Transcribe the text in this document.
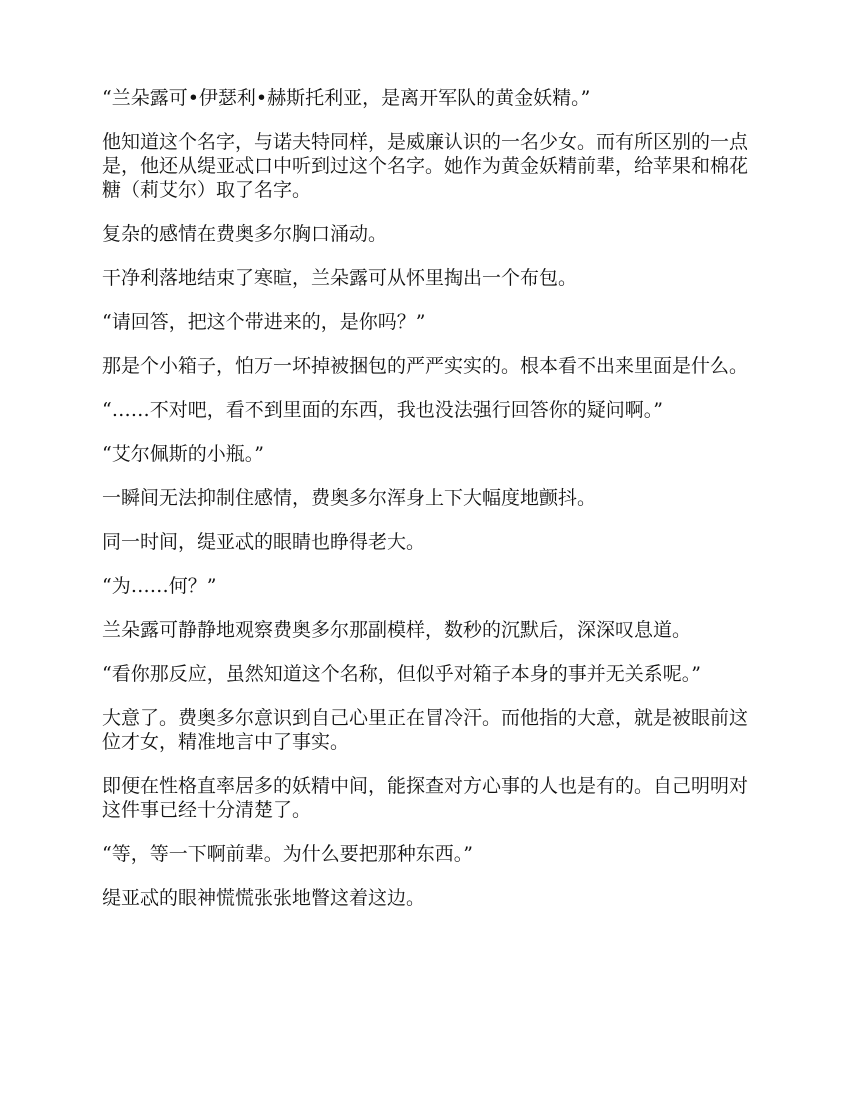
“兰朵露可•伊瑟利•赫斯托利亚，是离开军队的黄金妖精。”

他知道这个名字，与诺夫特同样，是威廉认识的一名少女。而有所区别的一点是，他还从缇亚忒口中听到过这个名字。她作为黄金妖精前辈，给苹果和棉花糖（莉艾尔）取了名字。

复杂的感情在费奥多尔胸口涌动。

干净利落地结束了寒暄，兰朵露可从怀里掏出一个布包。

“请回答，把这个带进来的，是你吗？”

那是个小箱子，怕万一坏掉被捆包的严严实实的。根本看不出来里面是什么。

“……不对吧，看不到里面的东西，我也没法强行回答你的疑问啊。”

“艾尔佩斯的小瓶。”

一瞬间无法抑制住感情，费奥多尔浑身上下大幅度地颤抖。

同一时间，缇亚忒的眼睛也睁得老大。

“为……何？”

兰朵露可静静地观察费奥多尔那副模样，数秒的沉默后，深深叹息道。

“看你那反应，虽然知道这个名称，但似乎对箱子本身的事并无关系呢。”

大意了。费奥多尔意识到自己心里正在冒冷汗。而他指的大意，就是被眼前这位才女，精准地言中了事实。

即便在性格直率居多的妖精中间，能探查对方心事的人也是有的。自己明明对这件事已经十分清楚了。

“等，等一下啊前辈。为什么要把那种东西。”

缇亚忒的眼神慌慌张张地瞥这着这边。
